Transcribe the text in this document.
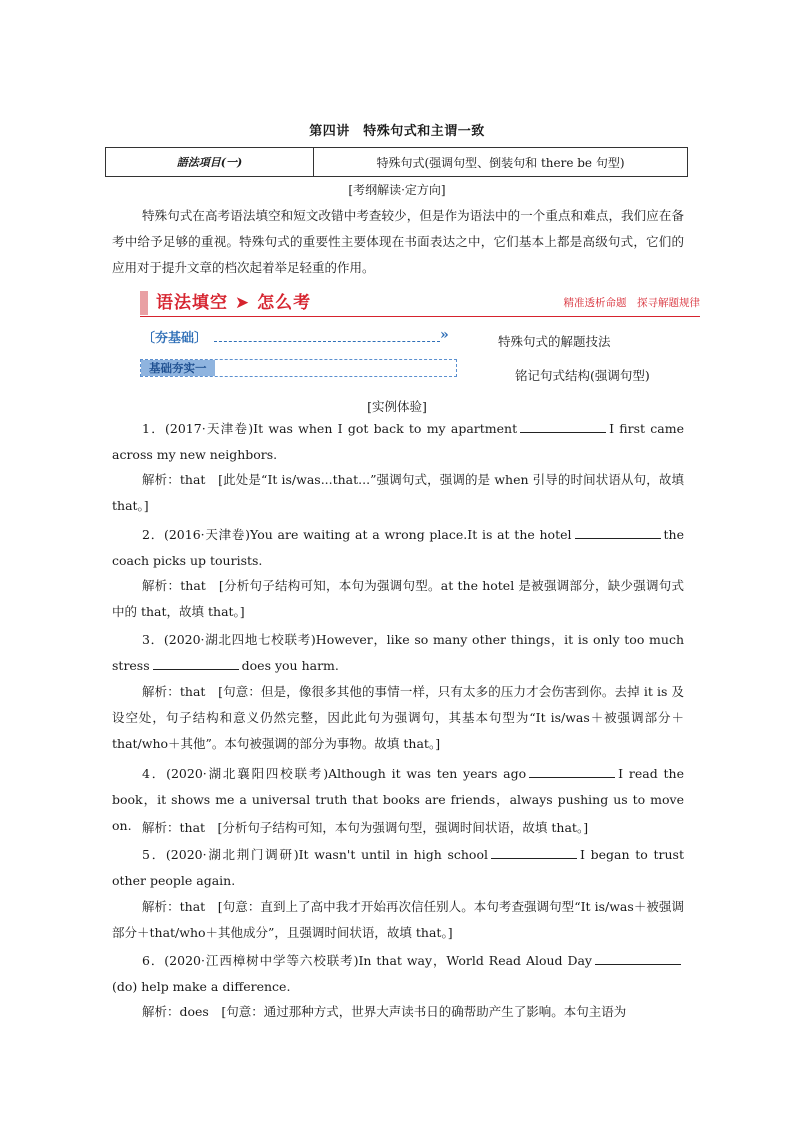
第四讲　特殊句式和主谓一致
語法項目(一)	特殊句式(强调句型、倒装句和 there be 句型)
[考纲解读·定方向]
特殊句式在高考语法填空和短文改错中考查较少，但是作为语法中的一个重点和难点，我们应在备考中给予足够的重视。特殊句式的重要性主要体现在书面表达之中，它们基本上都是高级句式，它们的应用对于提升文章的档次起着举足轻重的作用。
语法填空 ➤ 怎么考	精准透析命题　探寻解题规律
〔夯基础〕	»	特殊句式的解题技法
基础夯实一	铭记句式结构(强调句型)
[实例体验]
1．(2017·天津卷)It was when I got back to my apartment	I first came across my new neighbors.
解析：that　[此处是“It is/was...that...”强调句式，强调的是 when 引导的时间状语从句，故填 that。]
2．(2016·天津卷)You are waiting at a wrong place.It is at the hotel	the coach picks up tourists.
解析：that　[分析句子结构可知，本句为强调句型。at the hotel 是被强调部分，缺少强调句式中的 that，故填 that。]
3．(2020·湖北四地七校联考)However，like so many other things，it is only too much stress	does you harm.
解析：that　[句意：但是，像很多其他的事情一样，只有太多的压力才会伤害到你。去掉 it is 及设空处，句子结构和意义仍然完整，因此此句为强调句，其基本句型为“It is/was＋被强调部分＋that/who＋其他”。本句被强调的部分为事物。故填 that。]
4．(2020·湖北襄阳四校联考)Although it was ten years ago	I read the book，it shows me a universal truth that books are friends，always pushing us to move on. 解析：that　[分析句子结构可知，本句为强调句型，强调时间状语，故填 that。]
5．(2020·湖北荆门调研)It wasn't until in high school	I began to trust other people again.
解析：that　[句意：直到上了高中我才开始再次信任别人。本句考查强调句型“It is/was＋被强调部分＋that/who＋其他成分”，且强调时间状语，故填 that。]
6．(2020·江西樟树中学等六校联考)In that way，World Read Aloud Day(do) help make a difference.
解析：does　[句意：通过那种方式，世界大声读书日的确帮助产生了影响。本句主语为
